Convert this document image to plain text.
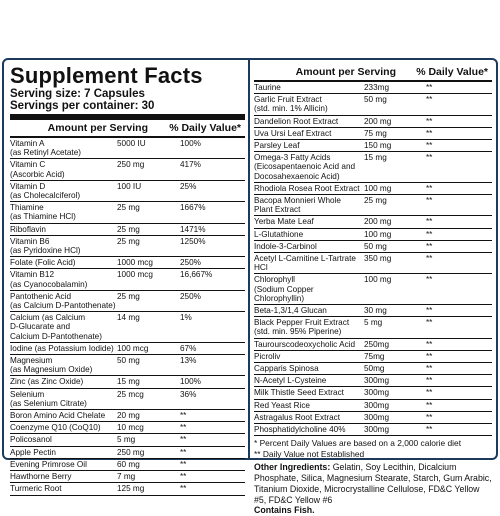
Supplement Facts
Serving size: 7 Capsules
Servings per container: 30
Amount per Serving	% Daily Value*
Vitamin A
(as Retinyl Acetate)
5000 IU	100%
Vitamin C
(Ascorbic Acid)
250 mg	417%
Vitamin D
(as Cholecalciferol)
100 IU	25%
Thiamine
(as Thiamine HCl)
25 mg	1667%
Riboflavin	25 mg	1471%
Vitamin B6
(as Pyridoxine HCl)
25 mg	1250%
Folate (Folic Acid)	1000 mcg	250%
Vitamin B12
(as Cyanocobalamin)
1000 mcg	16,667%
Pantothenic Acid
(as Calcium D-Pantothenate)
25 mg	250%
Calcium (as Calcium
D-Glucarate and
Calcium D-Pantothenate)
14 mg	1%
Iodine (as Potassium Iodide) 100 mcg	67%
Magnesium
(as Magnesium Oxide)
50 mg	13%
Zinc (as Zinc Oxide)	15 mg	100%
Selenium
(as Selenium Citrate)
25 mcg	36%
Boron Amino Acid Chelate	20 mg	**
Coenzyme Q10 (CoQ10)	10 mcg	**
Policosanol	5 mg	**
Apple Pectin	250 mg	**
Evening Primrose Oil	60 mg	**
Hawthorne Berry	7 mg	**
Turmeric Root	125 mg	**
Amount per Serving	% Daily Value*
Taurine	233mg	**
Garlic Fruit Extract
(std. min. 1% Allicin)
50 mg	**
Dandelion Root Extract	200 mg	**
Uva Ursi Leaf Extract	75 mg	**
Parsley Leaf	150 mg	**
Omega-3 Fatty Acids
(Eicosapentaenoic Acid and
Docosahexaenoic Acid)
15 mg	**
Rhodiola Rosea Root Extract 100 mg	**
Bacopa Monnieri Whole
Plant Extract
25 mg	**
Yerba Mate Leaf	200 mg	**
L-Glutathione	100 mg	**
Indole-3-Carbinol	50 mg	**
Acetyl L-Carnitine L-Tartrate HCl
350 mg	**
Chlorophyll
(Sodium Copper Chlorophyllin)
100 mg	**
Beta-1,3/1,4 Glucan	30 mg	**
Black Pepper Fruit Extract
(std. min. 95% Piperine)
5 mg	**
Taurourscodeoxycholic Acid	250mg	**
Picroliv	75mg	**
Capparis Spinosa	50mg	**
N-Acetyl L-Cysteine	300mg	**
Milk Thistle Seed Extract	300mg	**
Red Yeast Rice	300mg	**
Astragalus Root Extract	300mg	**
Phosphatidylcholine 40%	300mg	**

* Percent Daily Values are based on a 2,000 calorie diet

** Daily Value not Established

Other Ingredients: Gelatin, Soy Lecithin, Dicalcium Phosphate, Silica, Magnesium Stearate, Starch, Gum Arabic, Titanium Dioxide, Microcrystalline Cellulose, FD&C Yellow #5, FD&C Yellow #6
Contains Fish.
